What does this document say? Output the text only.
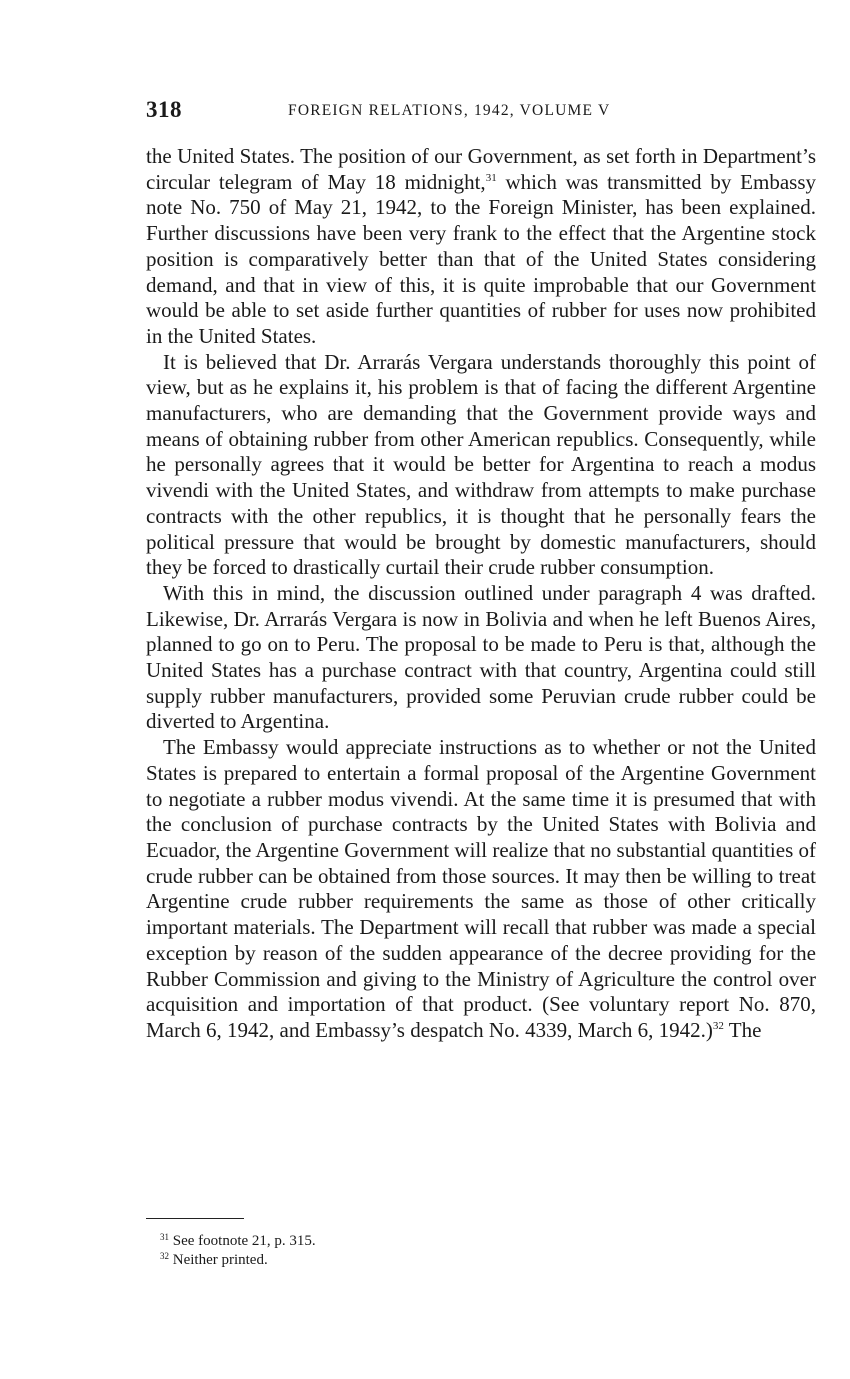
318	FOREIGN RELATIONS, 1942, VOLUME V

the United States. The position of our Government, as set forth in Department’s circular telegram of May 18 midnight,$^{31}$ which was transmitted by Embassy note No. 750 of May 21, 1942, to the Foreign Minister, has been explained. Further discussions have been very frank to the effect that the Argentine stock position is comparatively better than that of the United States considering demand, and that in view of this, it is quite improbable that our Government would be able to set aside further quantities of rubber for uses now prohibited in the United States.

It is believed that Dr. Arrarás Vergara understands thoroughly this point of view, but as he explains it, his problem is that of facing the different Argentine manufacturers, who are demanding that the Government provide ways and means of obtaining rubber from other American republics. Consequently, while he personally agrees that it would be better for Argentina to reach a modus vivendi with the United States, and withdraw from attempts to make purchase contracts with the other republics, it is thought that he personally fears the political pressure that would be brought by domestic manufacturers, should they be forced to drastically curtail their crude rubber consumption.

With this in mind, the discussion outlined under paragraph 4 was drafted. Likewise, Dr. Arrarás Vergara is now in Bolivia and when he left Buenos Aires, planned to go on to Peru. The proposal to be made to Peru is that, although the United States has a purchase contract with that country, Argentina could still supply rubber manufacturers, provided some Peruvian crude rubber could be diverted to Argentina.

The Embassy would appreciate instructions as to whether or not the United States is prepared to entertain a formal proposal of the Argentine Government to negotiate a rubber modus vivendi. At the same time it is presumed that with the conclusion of purchase contracts by the United States with Bolivia and Ecuador, the Argentine Government will realize that no substantial quantities of crude rubber can be obtained from those sources. It may then be willing to treat Argentine crude rubber requirements the same as those of other critically important materials. The Department will recall that rubber was made a special exception by reason of the sudden appearance of the decree providing for the Rubber Commission and giving to the Ministry of Agriculture the control over acquisition and importation of that product. (See voluntary report No. 870, March 6, 1942, and Embassy’s despatch No. 4339, March 6, 1942.)$^{32}$ The

$^{31}$ See footnote 21, p. 315.
$^{32}$ Neither printed.
